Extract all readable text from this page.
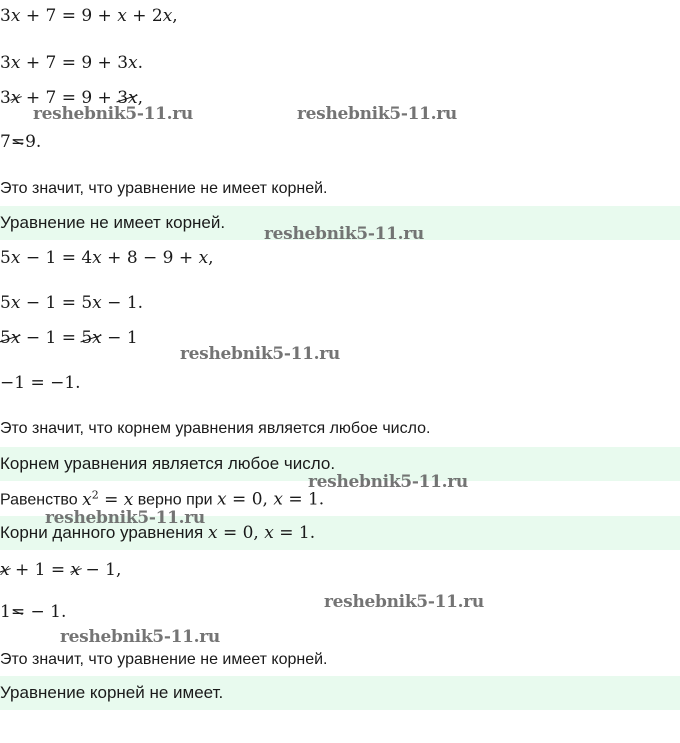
3x + 7 = 9 + x + 2x,
3x + 7 = 9 + 3x.
3x + 7 = 9 + 3x,
7=9.
Это значит, что уравнение не имеет корней.
Уравнение не имеет корней.
5x − 1 = 4x + 8 − 9 + x,
5x − 1 = 5x − 1.
5x − 1 = 5x − 1
−1 = −1.
Это значит, что корнем уравнения является любое число.
Корнем уравнения является любое число.
Равенство $x^2 = x$ верно при x = 0, x = 1.
Корни данного уравнения
x = 0, x = 1.
x + 1 = x − 1,
1= − 1.
Это значит, что уравнение не имеет корней.
Уравнение корней не имеет.
reshebnik5-11.ru	reshebnik5-11.ru
reshebnik5-11.ru
reshebnik5-11.ru
reshebnik5-11.ru
reshebnik5-11.ru
reshebnik5-11.ru
reshebnik5-11.ru
